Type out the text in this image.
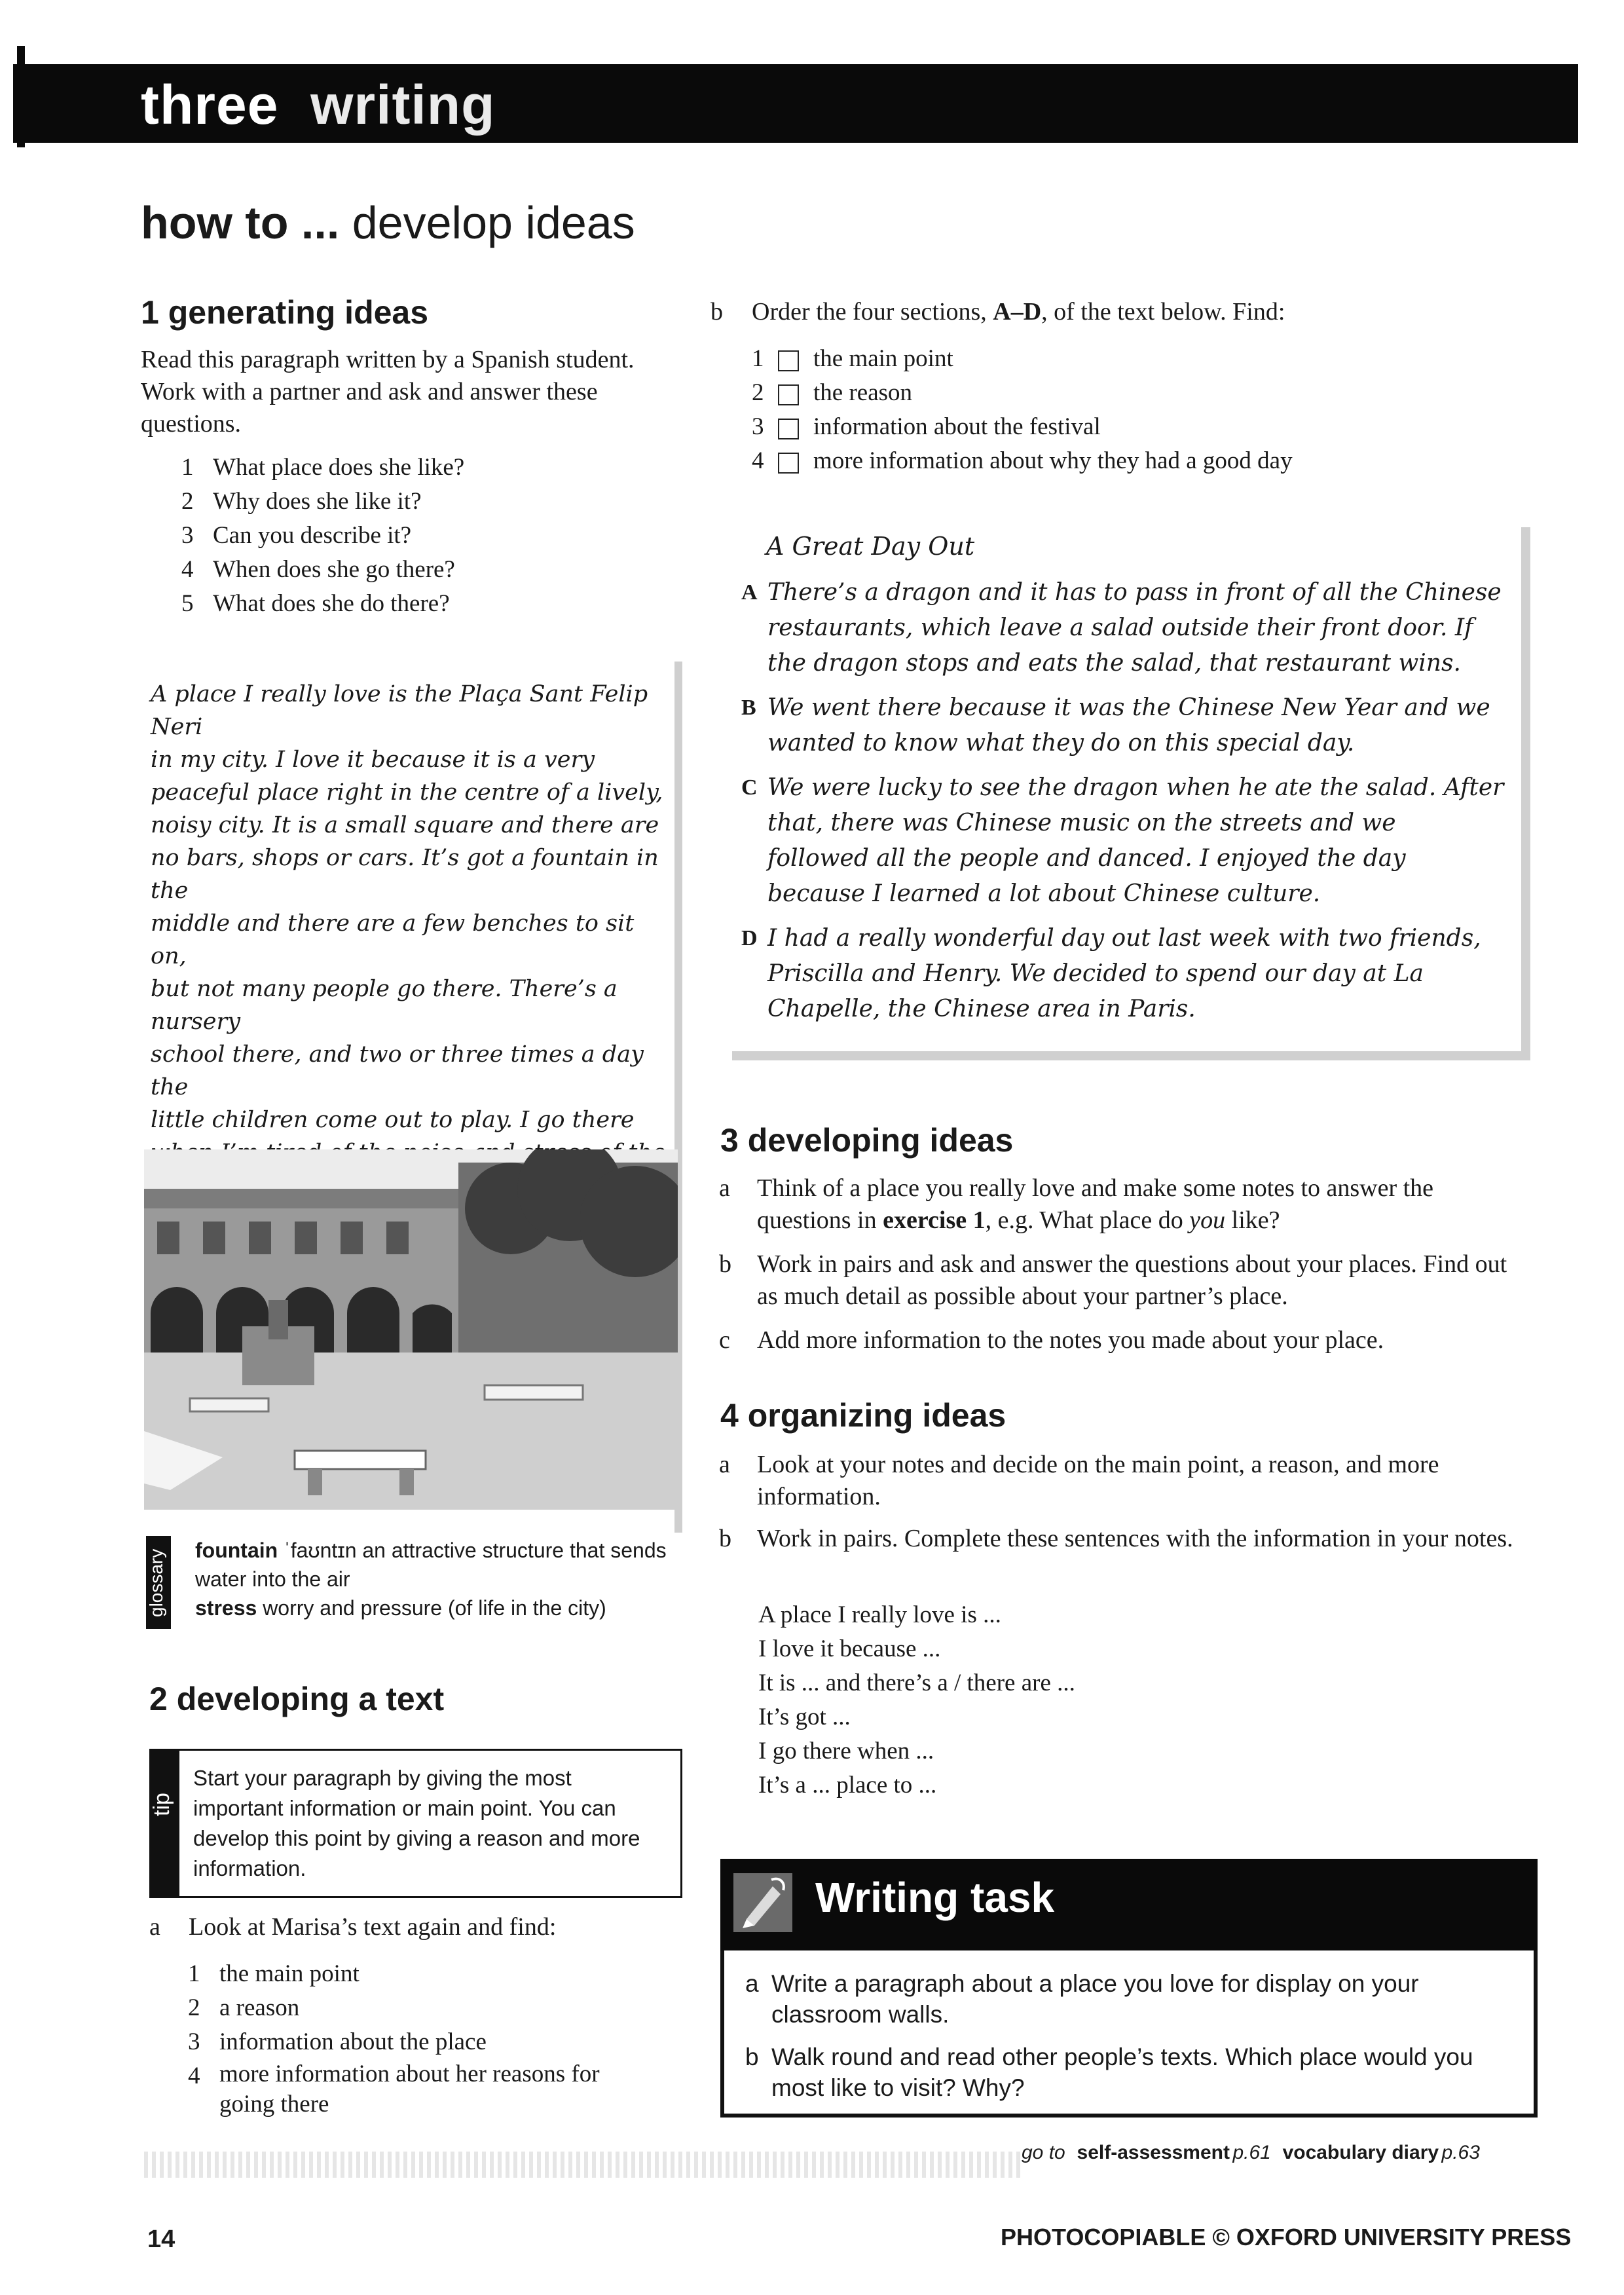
three writing
how to ... develop ideas
1 generating ideas
Read this paragraph written by a Spanish student. Work with a partner and ask and answer these questions.
1 What place does she like?
2 Why does she like it?
3 Can you describe it?
4 When does she go there?
5 What does she do there?

A place I really love is the Plaça Sant Felip Neri

in my city. I love it because it is a very

peaceful place right in the centre of a lively,

noisy city. It is a small square and there are

no bars, shops or cars. It’s got a fountain in the

middle and there are a few benches to sit on,

but not many people go there. There’s a nursery

school there, and two or three times a day the

little children come out to play. I go there

glossary fountain ˈfaʊntɪn an attractive structure that sends water into the air
stress worry and pressure (of life in the city)
2 developing a text
tip
Start your paragraph by giving the most important information or main point. You can develop this point by giving a reason and more information.
a Look at Marisa’s text again and find:
1 the main point
2 a reason
3 information about the place
4 more information about her reasons for going there
b Order the four sections, A–D, of the text below. Find:
1 the main point
2 the reason
3 information about the festival
4 more information about why they had a good day
A Great Day Out
A There’s a dragon and it has to pass in front of all the Chinese restaurants, which leave a salad outside their front door. If the dragon stops and eats the salad, that restaurant wins.
B We went there because it was the Chinese New Year and we wanted to know what they do on this special day.
C We were lucky to see the dragon when he ate the salad. After that, there was Chinese music on the streets and we followed all the people and danced. I enjoyed the day because I learned a lot about Chinese culture.
D I had a really wonderful day out last week with two friends, Priscilla and Henry. We decided to spend our day at La Chapelle, the Chinese area in Paris.
3 developing ideas
a	Think of a place you really love and make some notes to answer the questions in exercise 1, e.g. What place do you like?
b	Work in pairs and ask and answer the questions about your places. Find out as much detail as possible about your partner’s place.
c	Add more information to the notes you made about your place.
4 organizing ideas
a	Look at your notes and decide on the main point, a reason, and more information.
b	Work in pairs. Complete these sentences with the information in your notes.
A place I really love is ...
I love it because ...
It is ... and there’s a / there are ...
It’s got ...
I go there when ...
It’s a ... place to ...
Writing task
a Write a paragraph about a place you love for display on your classroom walls.
b Walk round and read other people’s texts. Which place would you most like to visit? Why?
go to self-assessment p.61 vocabulary diary p.63
14	PHOTOCOPIABLE © OXFORD UNIVERSITY PRESS
